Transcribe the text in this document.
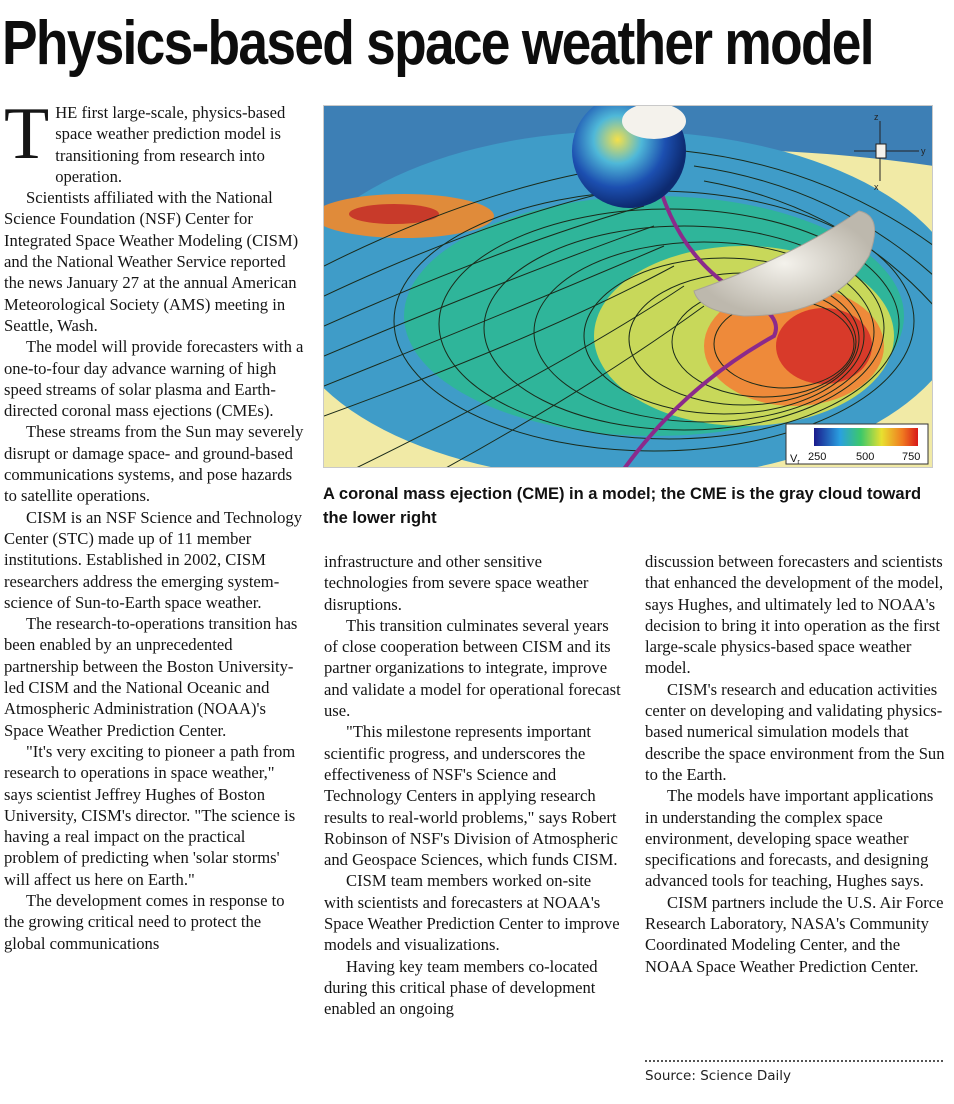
Physics-based space weather model

THE first large-scale, physics-based space weather prediction model is transitioning from research into operation.

Scientists affiliated with the National Science Foundation (NSF) Center for Integrated Space Weather Modeling (CISM) and the National Weather Service reported the news January 27 at the annual American Meteorological Society (AMS) meeting in Seattle, Wash.

The model will provide forecasters with a one-to-four day advance warning of high speed streams of solar plasma and Earth-directed coronal mass ejections (CMEs).

These streams from the Sun may severely disrupt or damage space- and ground-based communications systems, and pose hazards to satellite operations.

CISM is an NSF Science and Technology Center (STC) made up of 11 member institutions. Established in 2002, CISM researchers address the emerging system-science of Sun-to-Earth space weather.

The research-to-operations transition has been enabled by an unprecedented partnership between the Boston University-led CISM and the National Oceanic and Atmospheric Administration (NOAA)'s Space Weather Prediction Center.

"It's very exciting to pioneer a path from research to operations in space weather," says scientist Jeffrey Hughes of Boston University, CISM's director. "The science is having a real impact on the practical problem of predicting when 'solar storms' will affect us here on Earth."

The development comes in response to the growing critical need to protect the global communications

z
y
x
Vr 250	500	750
A coronal mass ejection (CME) in a model; the CME is the gray cloud toward the lower right

infrastructure and other sensitive technologies from severe space weather disruptions.

This transition culminates several years of close cooperation between CISM and its partner organizations to integrate, improve and validate a model for operational forecast use.

"This milestone represents important scientific progress, and underscores the effectiveness of NSF's Science and Technology Centers in applying research results to real-world problems," says Robert Robinson of NSF's Division of Atmospheric and Geospace Sciences, which funds CISM.

CISM team members worked on-site with scientists and forecasters at NOAA's Space Weather Prediction Center to improve models and visualizations.

Having key team members co-located during this critical phase of development enabled an ongoing

discussion between forecasters and scientists that enhanced the development of the model, says Hughes, and ultimately led to NOAA's decision to bring it into operation as the first large-scale physics-based space weather model.

CISM's research and education activities center on developing and validating physics-based numerical simulation models that describe the space environment from the Sun to the Earth.

The models have important applications in understanding the complex space environment, developing space weather specifications and forecasts, and designing advanced tools for teaching, Hughes says.

CISM partners include the U.S. Air Force Research Laboratory, NASA's Community Coordinated Modeling Center, and the NOAA Space Weather Prediction Center.

Source: Science Daily
